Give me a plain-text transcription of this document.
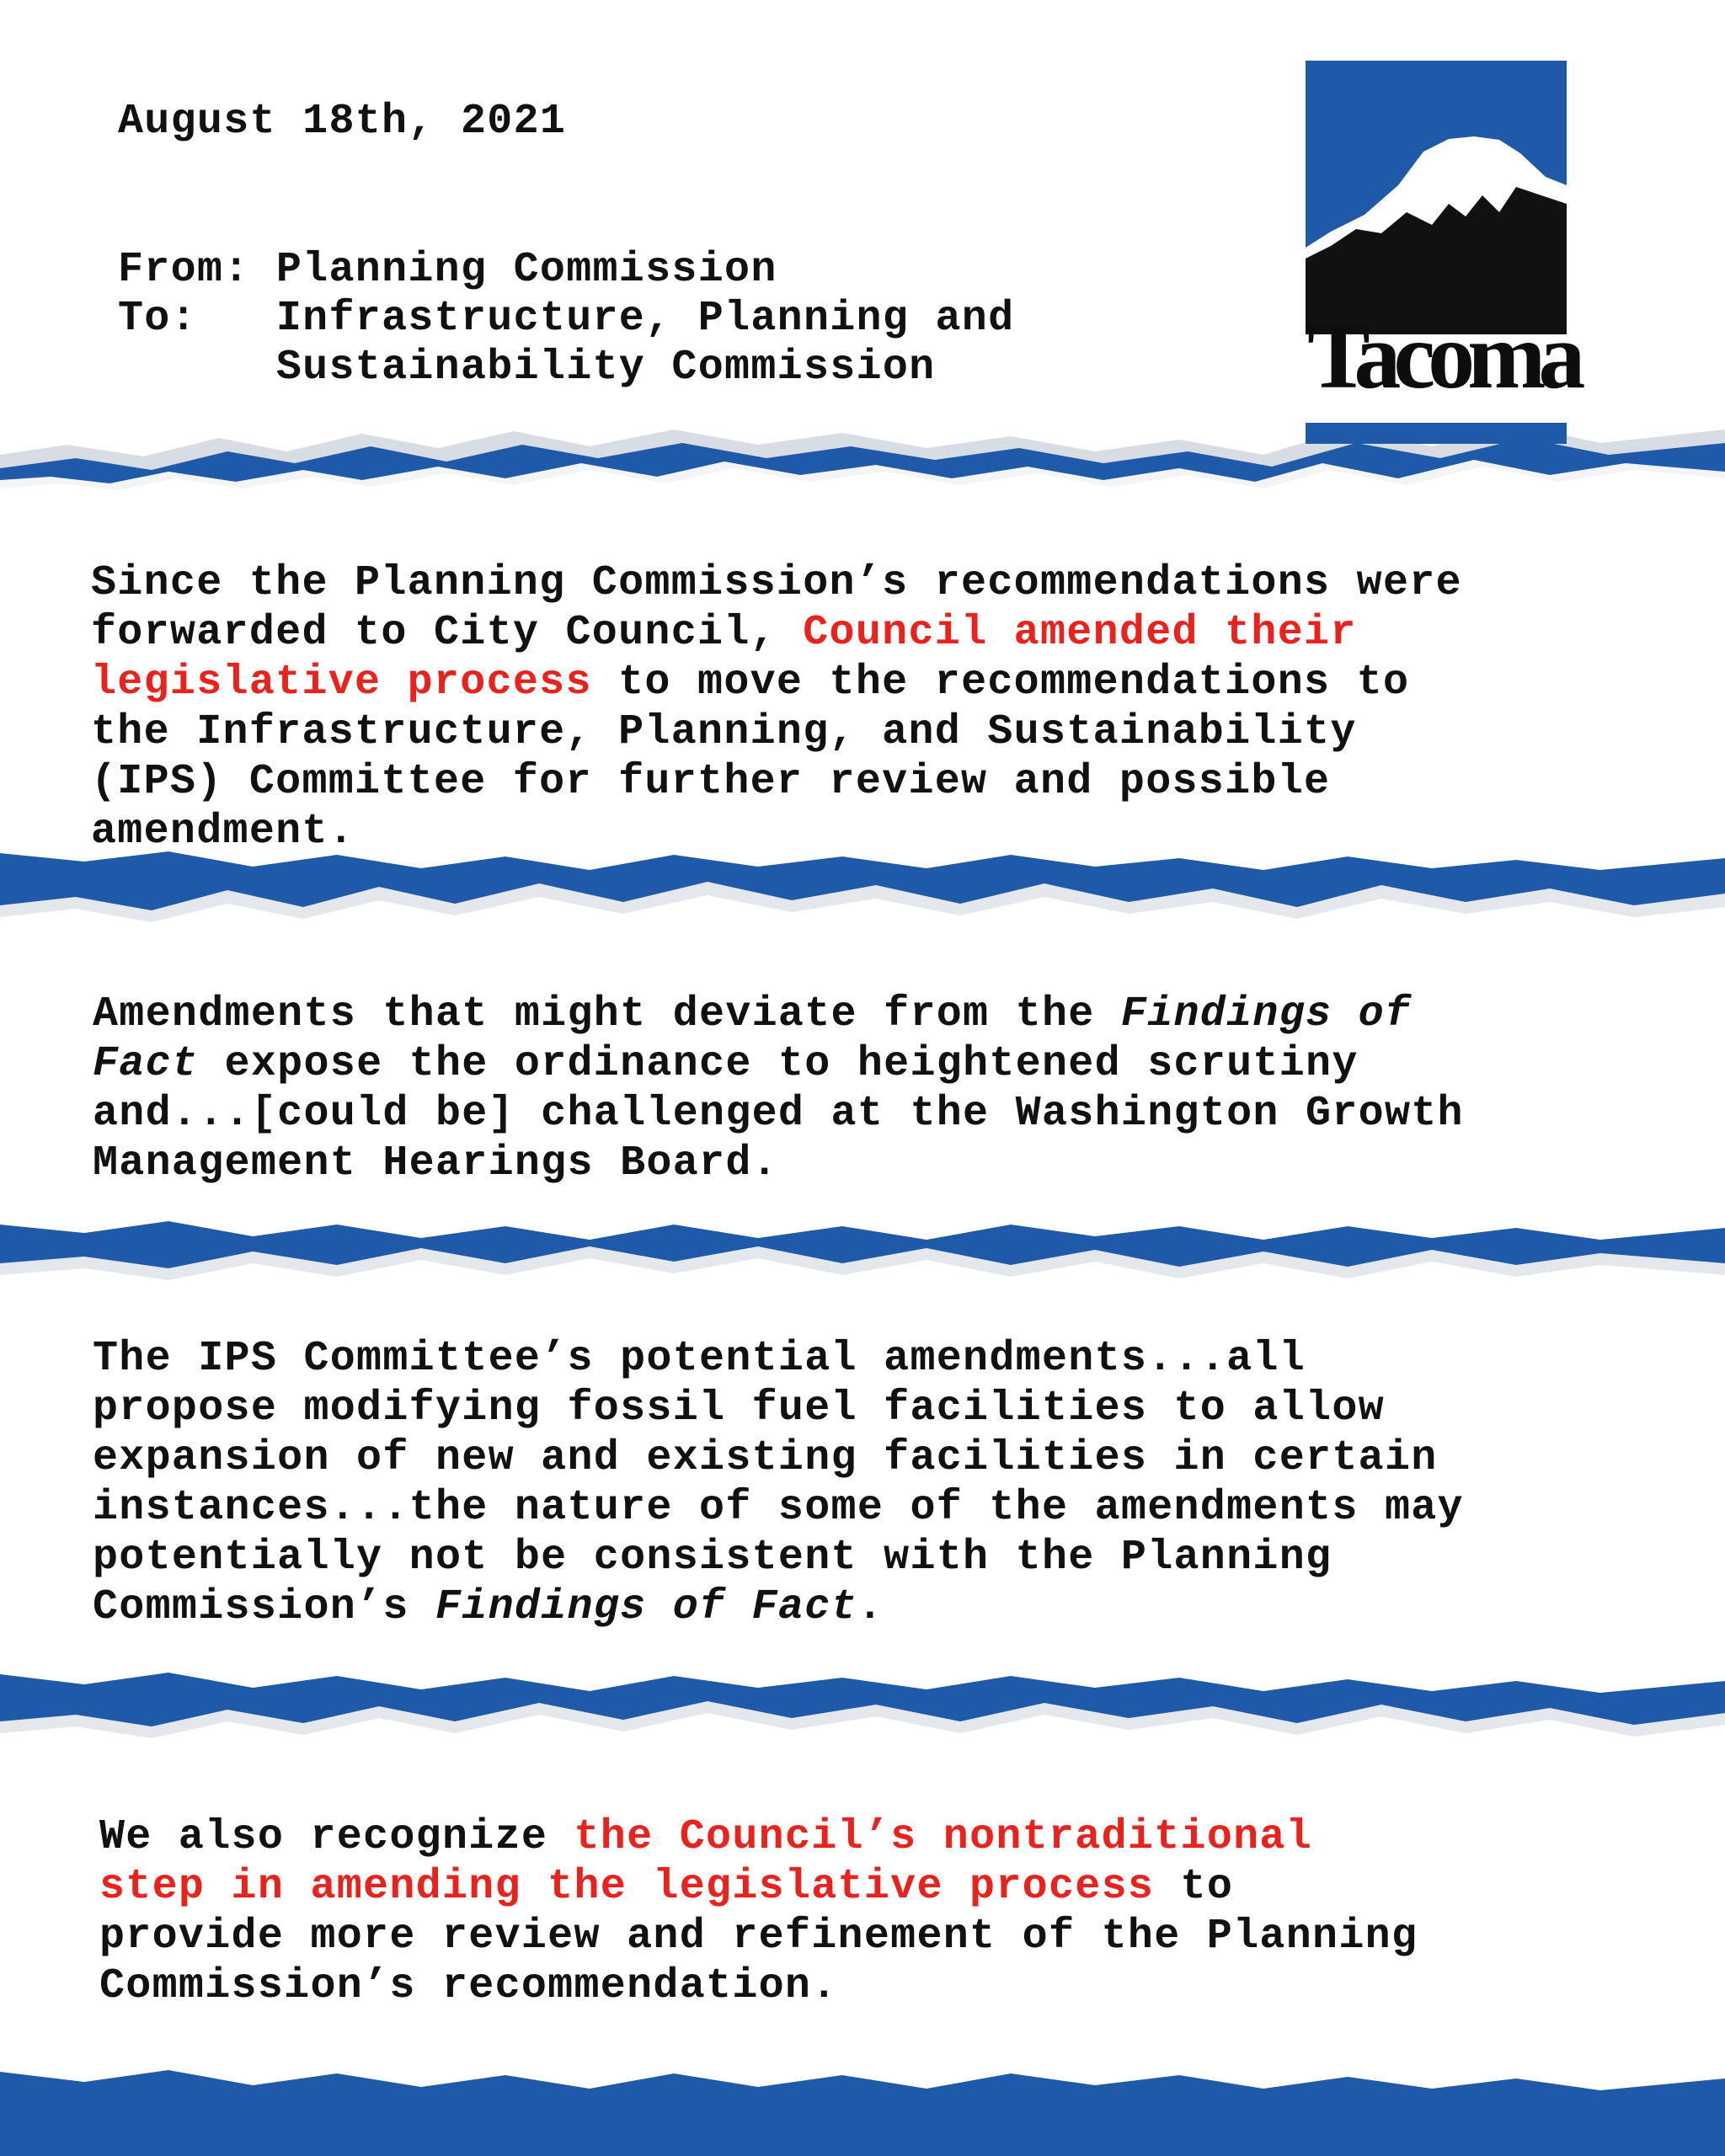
Tacoma
August 18th, 2021
From: Planning Commission
To: Infrastructure, Planning and
Sustainability Commission
Since the Planning Commission’s recommendations were
forwarded to City Council, Council amended their
legislative process to move the recommendations to
the Infrastructure, Planning, and Sustainability
(IPS) Committee for further review and possible
amendment.
Amendments that might deviate from the Findings of
Fact expose the ordinance to heightened scrutiny
and...[could be] challenged at the Washington Growth
Management Hearings Board.
The IPS Committee’s potential amendments...all
propose modifying fossil fuel facilities to allow
expansion of new and existing facilities in certain
instances...the nature of some of the amendments may
potentially not be consistent with the Planning
Commission’s Findings of Fact.
We also recognize the Council’s nontraditional
step in amending the legislative process to
provide more review and refinement of the Planning
Commission’s recommendation.
